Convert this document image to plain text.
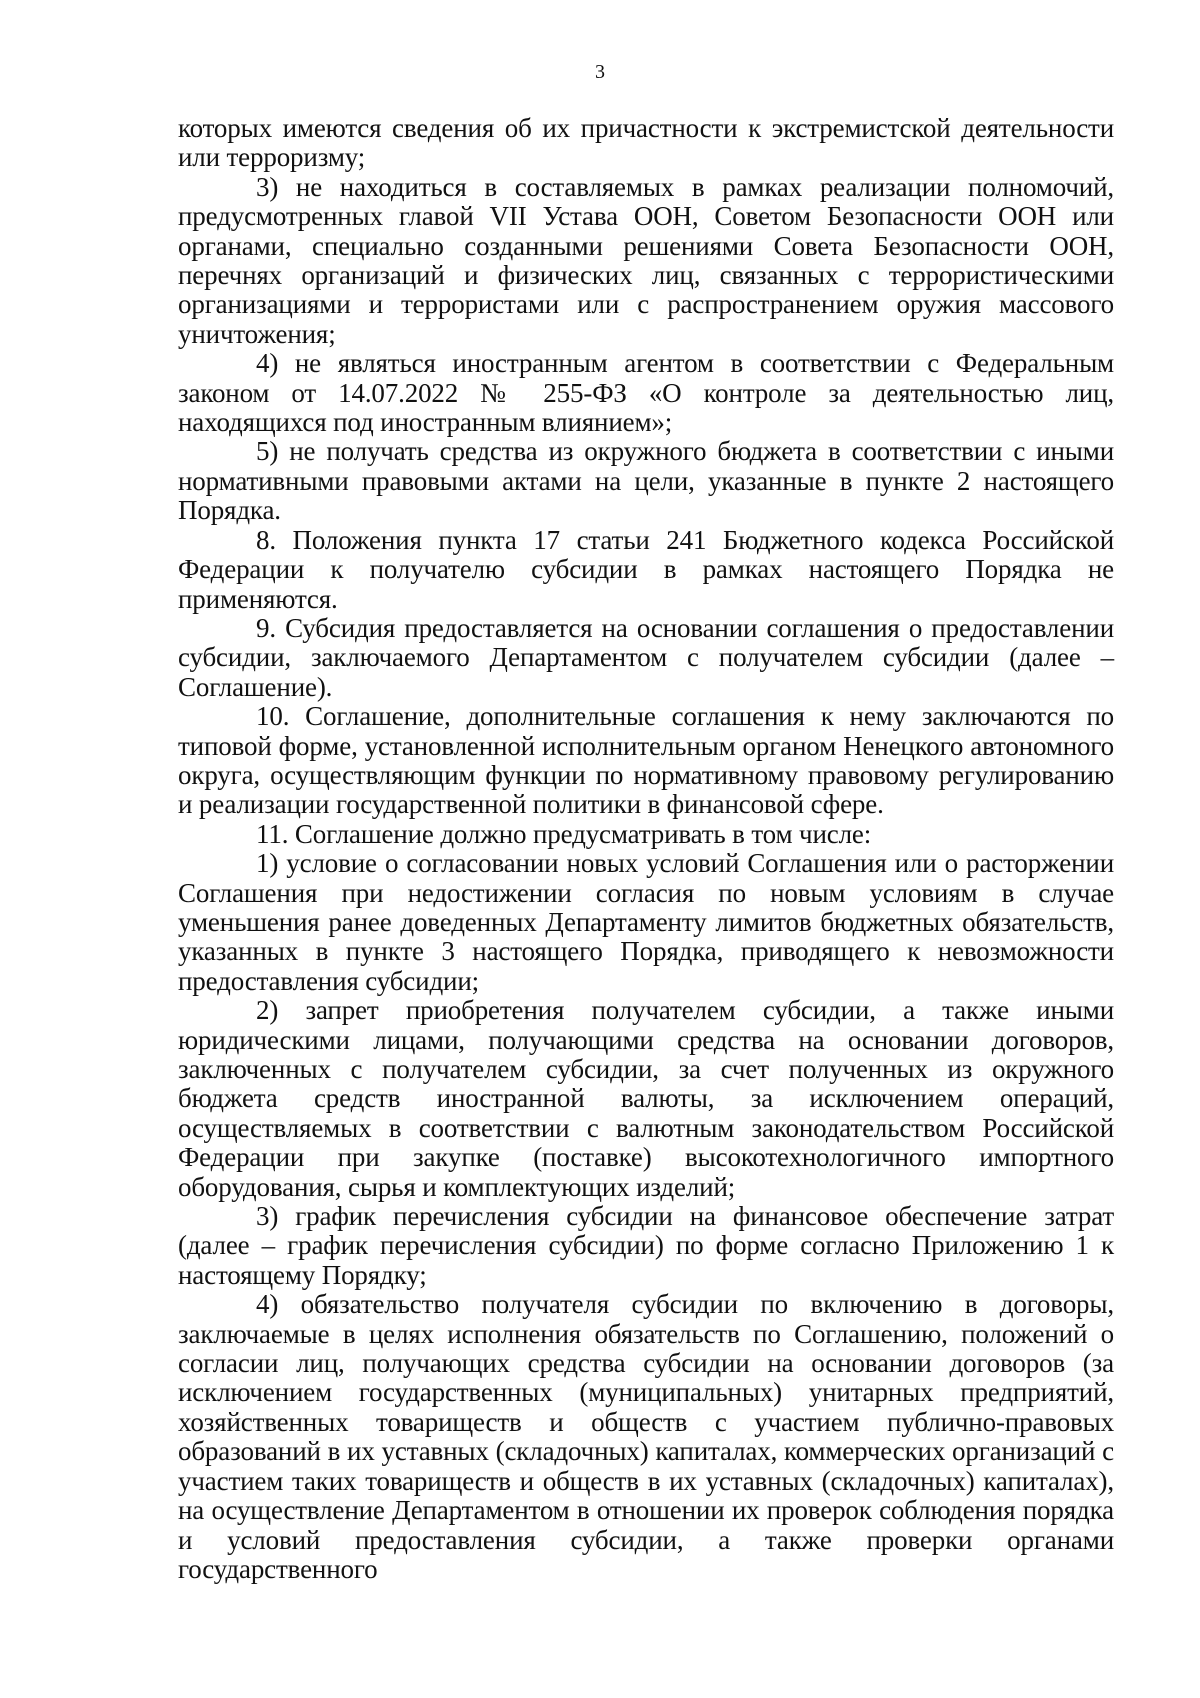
3

которых имеются сведения об их причастности к экстремистской деятельности или терроризму;

3) не находиться в составляемых в рамках реализации полномочий, предусмотренных главой VII Устава ООН, Советом Безопасности ООН или органами, специально созданными решениями Совета Безопасности ООН, перечнях организаций и физических лиц, связанных с террористическими организациями и террористами или с распространением оружия массового уничтожения;

4) не являться иностранным агентом в соответствии с Федеральным законом от 14.07.2022 № 255-ФЗ «О контроле за деятельностью лиц, находящихся под иностранным влиянием»;

5) не получать средства из окружного бюджета в соответствии с иными нормативными правовыми актами на цели, указанные в пункте 2 настоящего Порядка.

8. Положения пункта 17 статьи 241 Бюджетного кодекса Российской Федерации к получателю субсидии в рамках настоящего Порядка не применяются.

9. Субсидия предоставляется на основании соглашения о предоставлении субсидии, заключаемого Департаментом с получателем субсидии (далее – Соглашение).

10. Соглашение, дополнительные соглашения к нему заключаются по типовой форме, установленной исполнительным органом Ненецкого автономного округа, осуществляющим функции по нормативному правовому регулированию и реализации государственной политики в финансовой сфере.

11. Соглашение должно предусматривать в том числе:

1) условие о согласовании новых условий Соглашения или о расторжении Соглашения при недостижении согласия по новым условиям в случае уменьшения ранее доведенных Департаменту лимитов бюджетных обязательств, указанных в пункте 3 настоящего Порядка, приводящего к невозможности предоставления субсидии;

2) запрет приобретения получателем субсидии, а также иными юридическими лицами, получающими средства на основании договоров, заключенных с получателем субсидии, за счет полученных из окружного бюджета средств иностранной валюты, за исключением операций, осуществляемых в соответствии с валютным законодательством Российской Федерации при закупке (поставке) высокотехнологичного импортного оборудования, сырья и комплектующих изделий;

3) график перечисления субсидии на финансовое обеспечение затрат (далее – график перечисления субсидии) по форме согласно Приложению 1 к настоящему Порядку;

4) обязательство получателя субсидии по включению в договоры, заключаемые в целях исполнения обязательств по Соглашению, положений о согласии лиц, получающих средства субсидии на основании договоров (за исключением государственных (муниципальных) унитарных предприятий, хозяйственных товариществ и обществ с участием публично-правовых образований в их уставных (складочных) капиталах, коммерческих организаций с участием таких товариществ и обществ в их уставных (складочных) капиталах), на осуществление Департаментом в отношении их проверок соблюдения порядка и условий предоставления субсидии, а также проверки органами государственного
